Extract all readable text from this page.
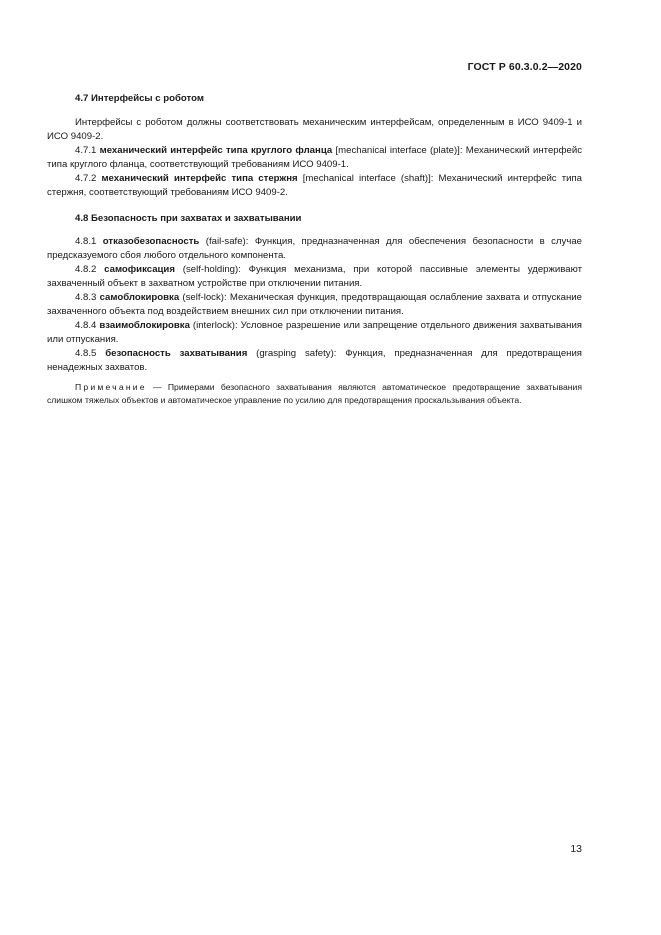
ГОСТ Р 60.3.0.2—2020

4.7 Интерфейсы с роботом

Интерфейсы с роботом должны соответствовать механическим интерфейсам, определенным в ИСО 9409-1 и ИСО 9409-2.

4.7.1 механический интерфейс типа круглого фланца [mechanical interface (plate)]: Механический интерфейс типа круглого фланца, соответствующий требованиям ИСО 9409-1.

4.7.2 механический интерфейс типа стержня [mechanical interface (shaft)]: Механический интерфейс типа стержня, соответствующий требованиям ИСО 9409-2.

4.8 Безопасность при захватах и захватывании

4.8.1 отказобезопасность (fail-safe): Функция, предназначенная для обеспечения безопасности в случае предсказуемого сбоя любого отдельного компонента.

4.8.2 самофиксация (self-holding): Функция механизма, при которой пассивные элементы удерживают захваченный объект в захватном устройстве при отключении питания.

4.8.3 самоблокировка (self-lock): Механическая функция, предотвращающая ослабление захвата и отпускание захваченного объекта под воздействием внешних сил при отключении питания.

4.8.4 взаимоблокировка (interlock): Условное разрешение или запрещение отдельного движения захватывания или отпускания.

4.8.5 безопасность захватывания (grasping safety): Функция, предназначенная для предотвращения ненадежных захватов.

Примечание — Примерами безопасного захватывания являются автоматическое предотвращение захватывания слишком тяжелых объектов и автоматическое управление по усилию для предотвращения проскальзывания объекта.

13
